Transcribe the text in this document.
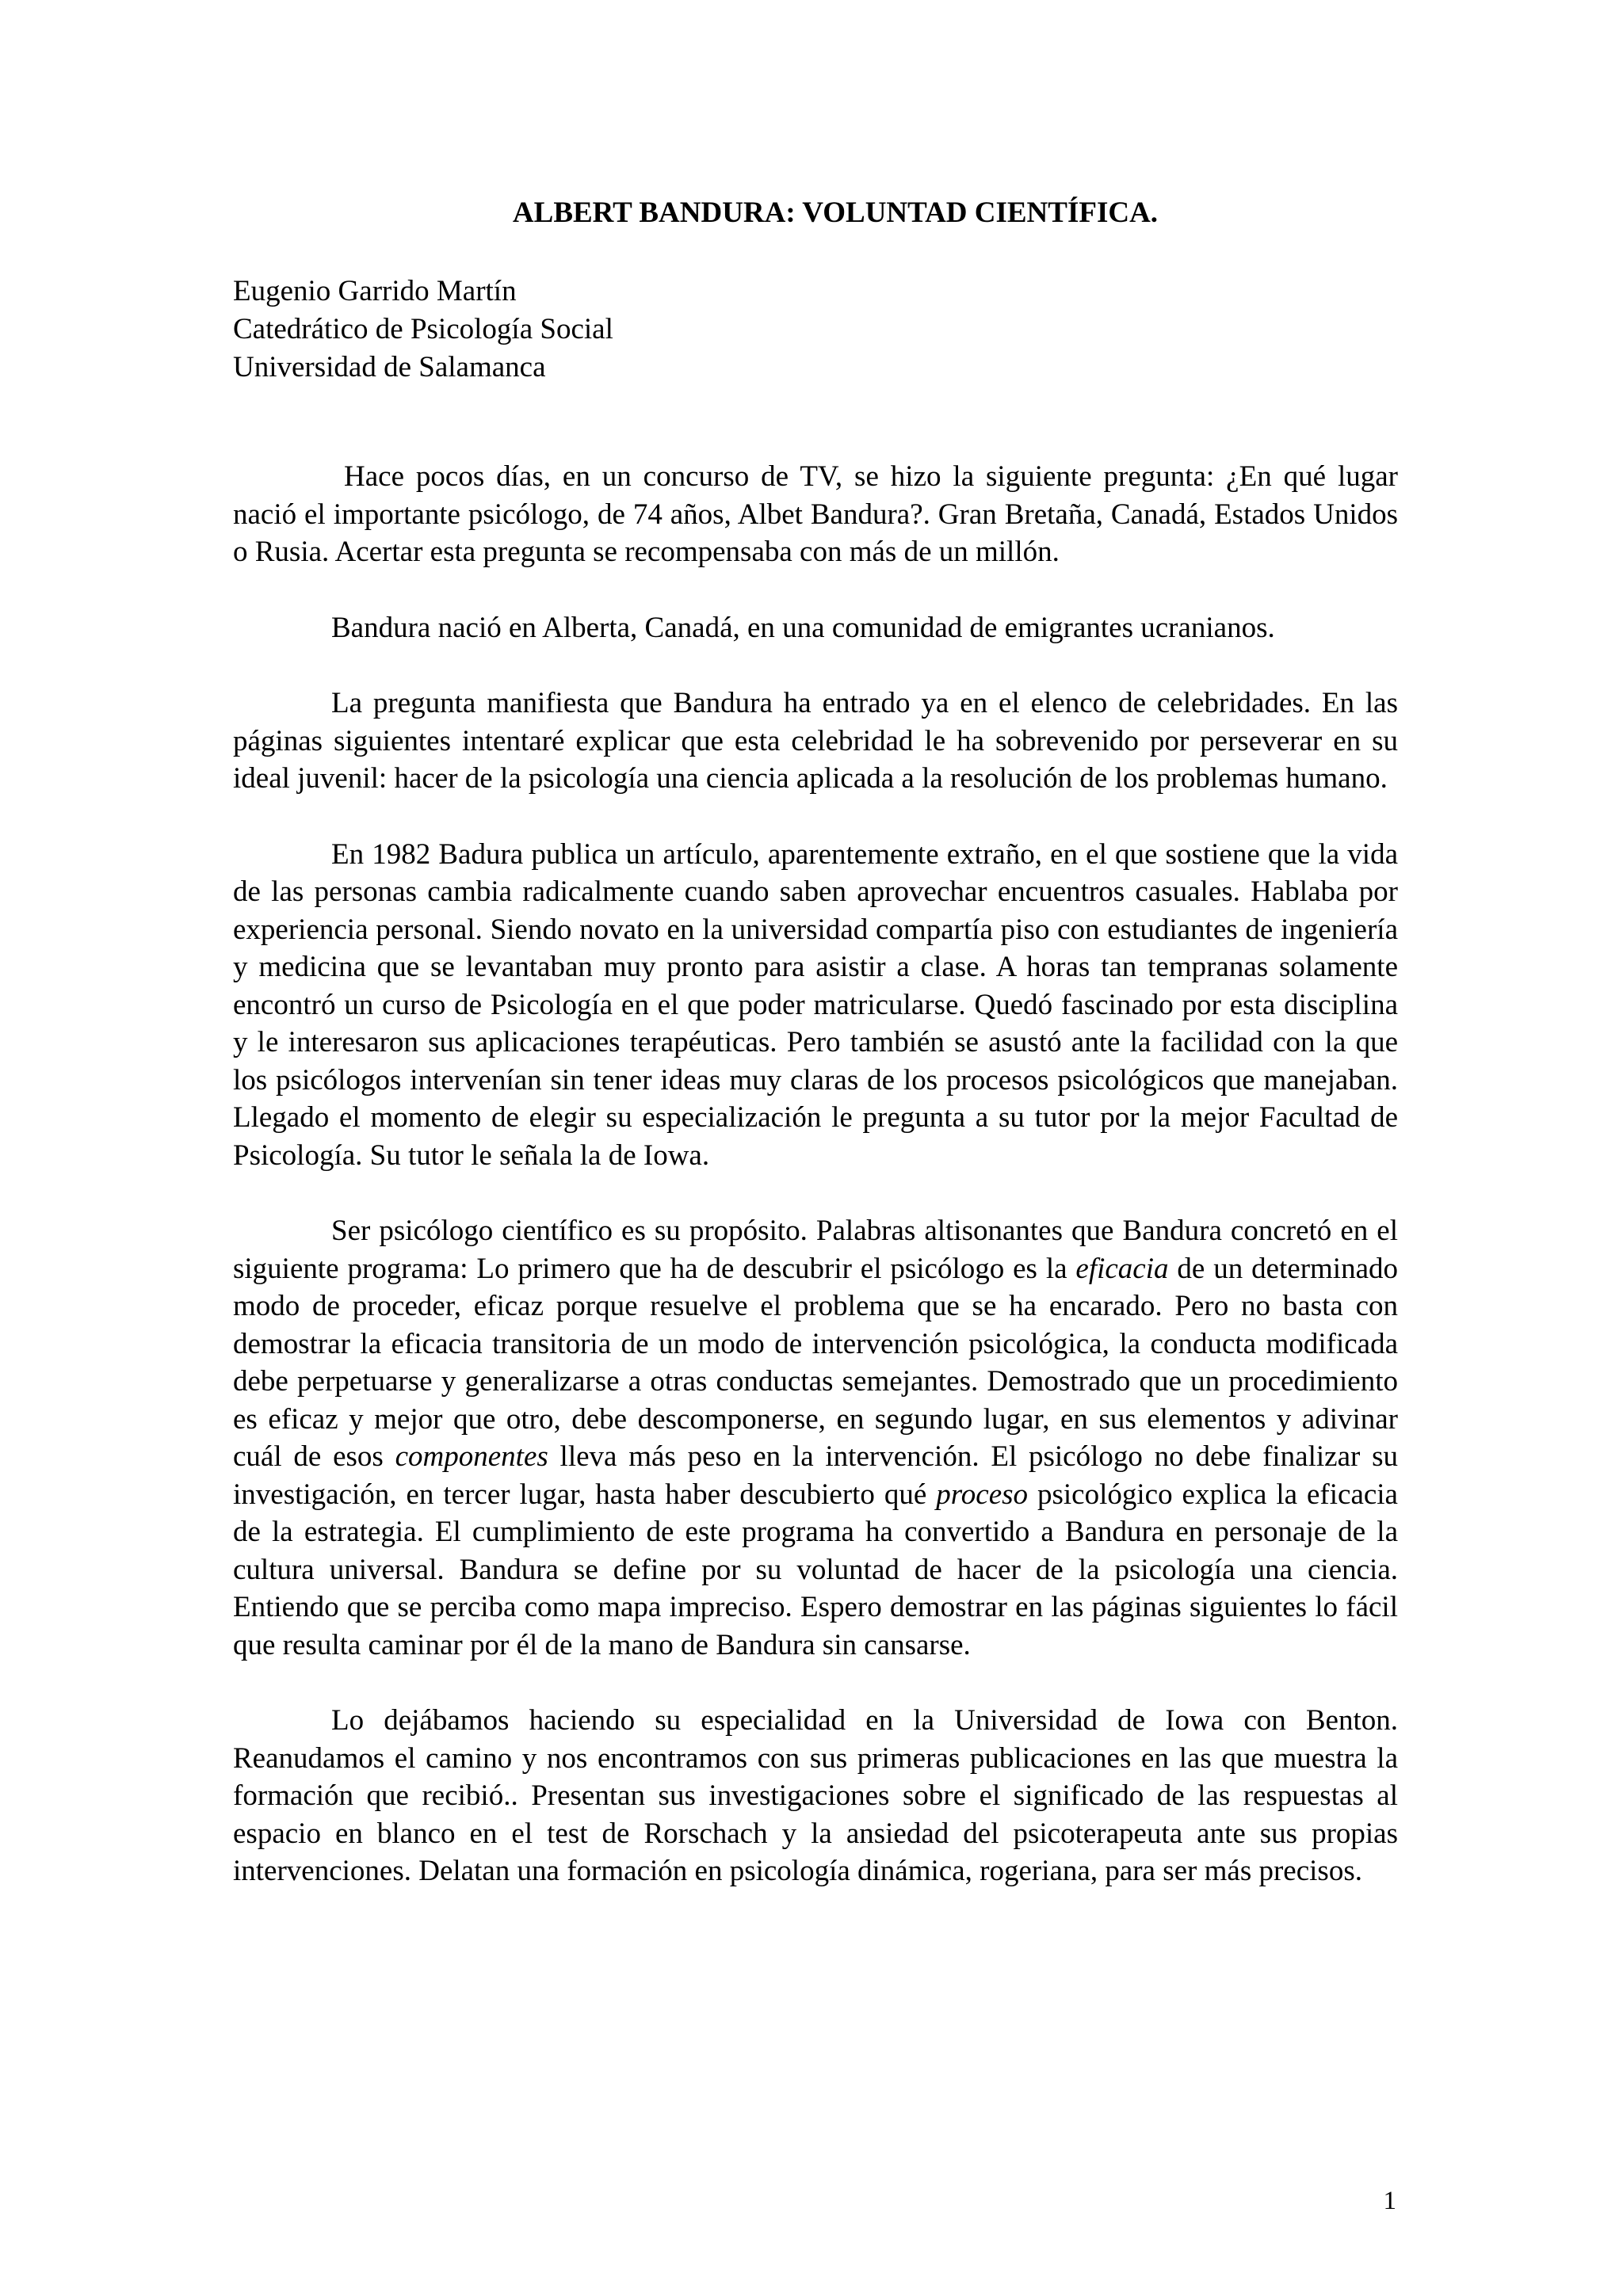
ALBERT BANDURA: VOLUNTAD CIENTÍFICA.
Eugenio Garrido Martín
Catedrático de Psicología Social
Universidad de Salamanca

Hace pocos días, en un concurso de TV, se hizo la siguiente pregunta: ¿En qué lugar nació el importante psicólogo, de 74 años, Albet Bandura?. Gran Bretaña, Canadá, Estados Unidos o Rusia. Acertar esta pregunta se recompensaba con más de un millón.

Bandura nació en Alberta, Canadá, en una comunidad de emigrantes ucranianos.

La pregunta manifiesta que Bandura ha entrado ya en el elenco de celebridades. En las páginas siguientes intentaré explicar que esta celebridad le ha sobrevenido por perseverar en su ideal juvenil: hacer de la psicología una ciencia aplicada a la resolución de los problemas humano.

En 1982 Badura publica un artículo, aparentemente extraño, en el que sostiene que la vida de las personas cambia radicalmente cuando saben aprovechar encuentros casuales. Hablaba por experiencia personal. Siendo novato en la universidad compartía piso con estudiantes de ingeniería y medicina que se levantaban muy pronto para asistir a clase. A horas tan tempranas solamente encontró un curso de Psicología en el que poder matricularse. Quedó fascinado por esta disciplina y le interesaron sus aplicaciones terapéuticas. Pero también se asustó ante la facilidad con la que los psicólogos intervenían sin tener ideas muy claras de los procesos psicológicos que manejaban. Llegado el momento de elegir su especialización le pregunta a su tutor por la mejor Facultad de Psicología. Su tutor le señala la de Iowa.

Ser psicólogo científico es su propósito. Palabras altisonantes que Bandura concretó en el siguiente programa: Lo primero que ha de descubrir el psicólogo es la eficacia de un determinado modo de proceder, eficaz porque resuelve el problema que se ha encarado. Pero no basta con demostrar la eficacia transitoria de un modo de intervención psicológica, la conducta modificada debe perpetuarse y generalizarse a otras conductas semejantes. Demostrado que un procedimiento es eficaz y mejor que otro, debe descomponerse, en segundo lugar, en sus elementos y adivinar cuál de esos componentes lleva más peso en la intervención. El psicólogo no debe finalizar su investigación, en tercer lugar, hasta haber descubierto qué proceso psicológico explica la eficacia de la estrategia. El cumplimiento de este programa ha convertido a Bandura en personaje de la cultura universal. Bandura se define por su voluntad de hacer de la psicología una ciencia. Entiendo que se perciba como mapa impreciso. Espero demostrar en las páginas siguientes lo fácil que resulta caminar por él de la mano de Bandura sin cansarse.

Lo dejábamos haciendo su especialidad en la Universidad de Iowa con Benton. Reanudamos el camino y nos encontramos con sus primeras publicaciones en las que muestra la formación que recibió.. Presentan sus investigaciones sobre el significado de las respuestas al espacio en blanco en el test de Rorschach y la ansiedad del psicoterapeuta ante sus propias intervenciones. Delatan una formación en psicología dinámica, rogeriana, para ser más precisos.

1
